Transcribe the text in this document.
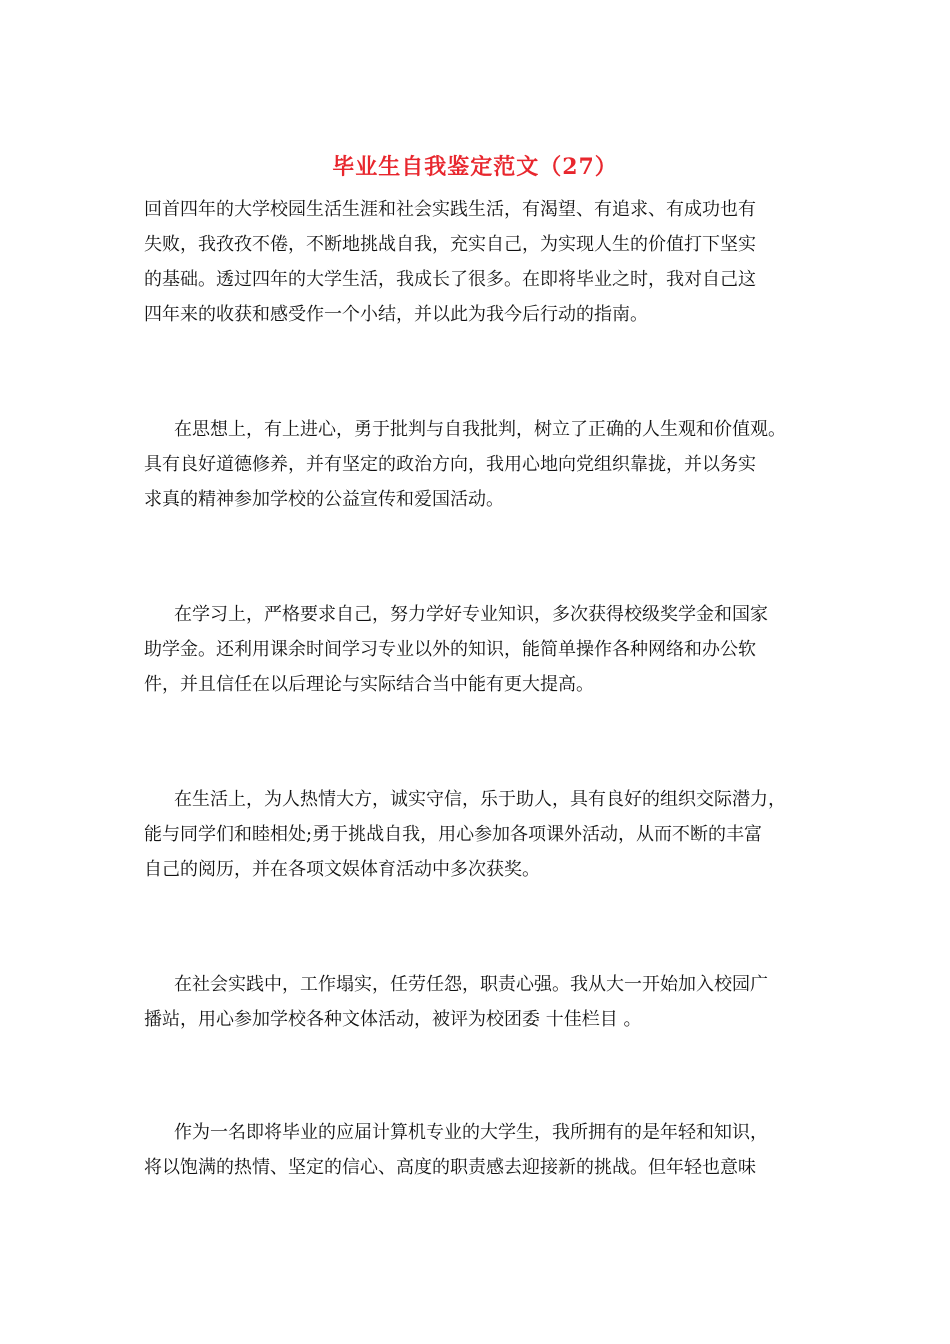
毕业生自我鉴定范文（27）
回首四年的大学校园生活生涯和社会实践生活，有渴望、有追求、有成功也有
失败，我孜孜不倦，不断地挑战自我，充实自己，为实现人生的价值打下坚实
的基础。透过四年的大学生活，我成长了很多。在即将毕业之时，我对自己这
四年来的收获和感受作一个小结，并以此为我今后行动的指南。
在思想上，有上进心，勇于批判与自我批判，树立了正确的人生观和价值观。
具有良好道德修养，并有坚定的政治方向，我用心地向党组织靠拢，并以务实
求真的精神参加学校的公益宣传和爱国活动。
在学习上，严格要求自己，努力学好专业知识，多次获得校级奖学金和国家
助学金。还利用课余时间学习专业以外的知识，能简单操作各种网络和办公软
件，并且信任在以后理论与实际结合当中能有更大提高。
在生活上，为人热情大方，诚实守信，乐于助人，具有良好的组织交际潜力，
能与同学们和睦相处;勇于挑战自我，用心参加各项课外活动，从而不断的丰富
自己的阅历，并在各项文娱体育活动中多次获奖。
在社会实践中，工作塌实，任劳任怨，职责心强。我从大一开始加入校园广
播站，用心参加学校各种文体活动，被评为校团委 十佳栏目 。
作为一名即将毕业的应届计算机专业的大学生，我所拥有的是年轻和知识，
将以饱满的热情、坚定的信心、高度的职责感去迎接新的挑战。但年轻也意味
